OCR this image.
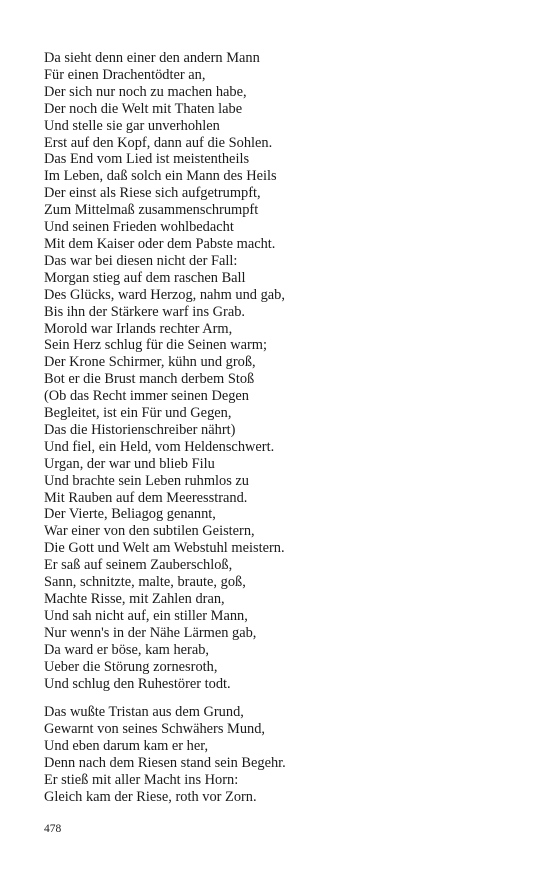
Da sieht denn einer den andern Mann
Für einen Drachentödter an,
Der sich nur noch zu machen habe,
Der noch die Welt mit Thaten labe
Und stelle sie gar unverhohlen
Erst auf den Kopf, dann auf die Sohlen.
Das End vom Lied ist meistentheils
Im Leben, daß solch ein Mann des Heils
Der einst als Riese sich aufgetrumpft,
Zum Mittelmaß zusammenschrumpft
Und seinen Frieden wohlbedacht
Mit dem Kaiser oder dem Pabste macht.
Das war bei diesen nicht der Fall:
Morgan stieg auf dem raschen Ball
Des Glücks, ward Herzog, nahm und gab,
Bis ihn der Stärkere warf ins Grab.
Morold war Irlands rechter Arm,
Sein Herz schlug für die Seinen warm;
Der Krone Schirmer, kühn und groß,
Bot er die Brust manch derbem Stoß
(Ob das Recht immer seinen Degen
Begleitet, ist ein Für und Gegen,
Das die Historienschreiber nährt)
Und fiel, ein Held, vom Heldenschwert.
Urgan, der war und blieb Filu
Und brachte sein Leben ruhmlos zu
Mit Rauben auf dem Meeresstrand.
Der Vierte, Beliagog genannt,
War einer von den subtilen Geistern,
Die Gott und Welt am Webstuhl meistern.
Er saß auf seinem Zauberschloß,
Sann, schnitzte, malte, braute, goß,
Machte Risse, mit Zahlen dran,
Und sah nicht auf, ein stiller Mann,
Nur wenn's in der Nähe Lärmen gab,
Da ward er böse, kam herab,
Ueber die Störung zornesroth,
Und schlug den Ruhestörer todt.
Das wußte Tristan aus dem Grund,
Gewarnt von seines Schwähers Mund,
Und eben darum kam er her,
Denn nach dem Riesen stand sein Begehr.
Er stieß mit aller Macht ins Horn:
Gleich kam der Riese, roth vor Zorn.
478
